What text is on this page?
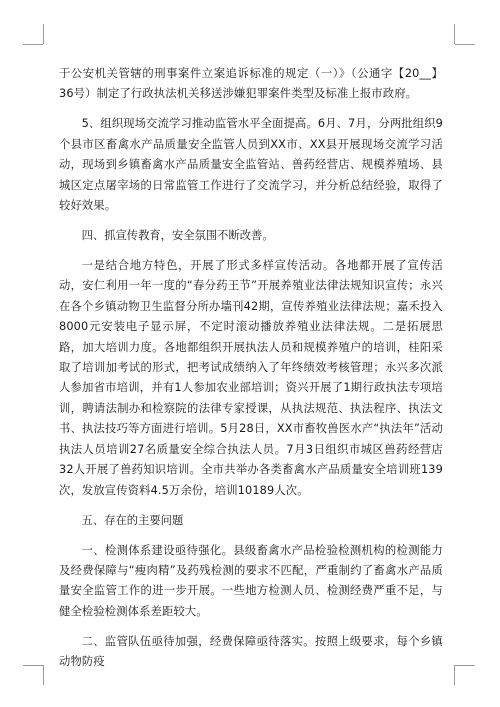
于公安机关管辖的刑事案件立案追诉标准的规定（一）》（公通字【20__】36号）制定了行政执法机关移送涉嫌犯罪案件类型及标准上报市政府。

5、组织现场交流学习推动监管水平全面提高。6月、7月，分两批组织9个县市区畜禽水产品质量安全监管人员到XX市、XX县开展现场交流学习活动，现场到乡镇畜禽水产品质量安全监管站、兽药经营店、规模养殖场、县城区定点屠宰场的日常监管工作进行了交流学习，并分析总结经验，取得了较好效果。

四、抓宣传教育，安全氛围不断改善。

一是结合地方特色，开展了形式多样宣传活动。各地都开展了宣传活动，安仁利用一年一度的“春分药王节”开展养殖业法律法规知识宣传；永兴在各个乡镇动物卫生监督分所办墙刊42期，宣传养殖业法律法规；嘉禾投入8000元安装电子显示屏，不定时滚动播放养殖业法律法规。二是拓展思路，加大培训力度。各地都组织开展执法人员和规模养殖户的培训，桂阳采取了培训加考试的形式，把考试成绩纳入了年终绩效考核管理；永兴多次派人参加省市培训，并有1人参加农业部培训；资兴开展了1期行政执法专项培训，聘请法制办和检察院的法律专家授课，从执法规范、执法程序、执法文书、执法技巧等方面进行培训。5月28日，XX市畜牧兽医水产“执法年”活动执法人员培训27名质量安全综合执法人员。7月3日组织市城区兽药经营店32人开展了兽药知识培训。全市共举办各类畜禽水产品质量安全培训班139次，发放宣传资料4.5万余份，培训10189人次。

五、存在的主要问题

一、检测体系建设亟待强化。县级畜禽水产品检验检测机构的检测能力及经费保障与“瘦肉精”及药残检测的要求不匹配，严重制约了畜禽水产品质量安全监管工作的进一步开展。一些地方检测人员、检测经费严重不足，与健全检验检测体系差距较大。

二、监管队伍亟待加强，经费保障亟待落实。按照上级要求，每个乡镇动物防疫
